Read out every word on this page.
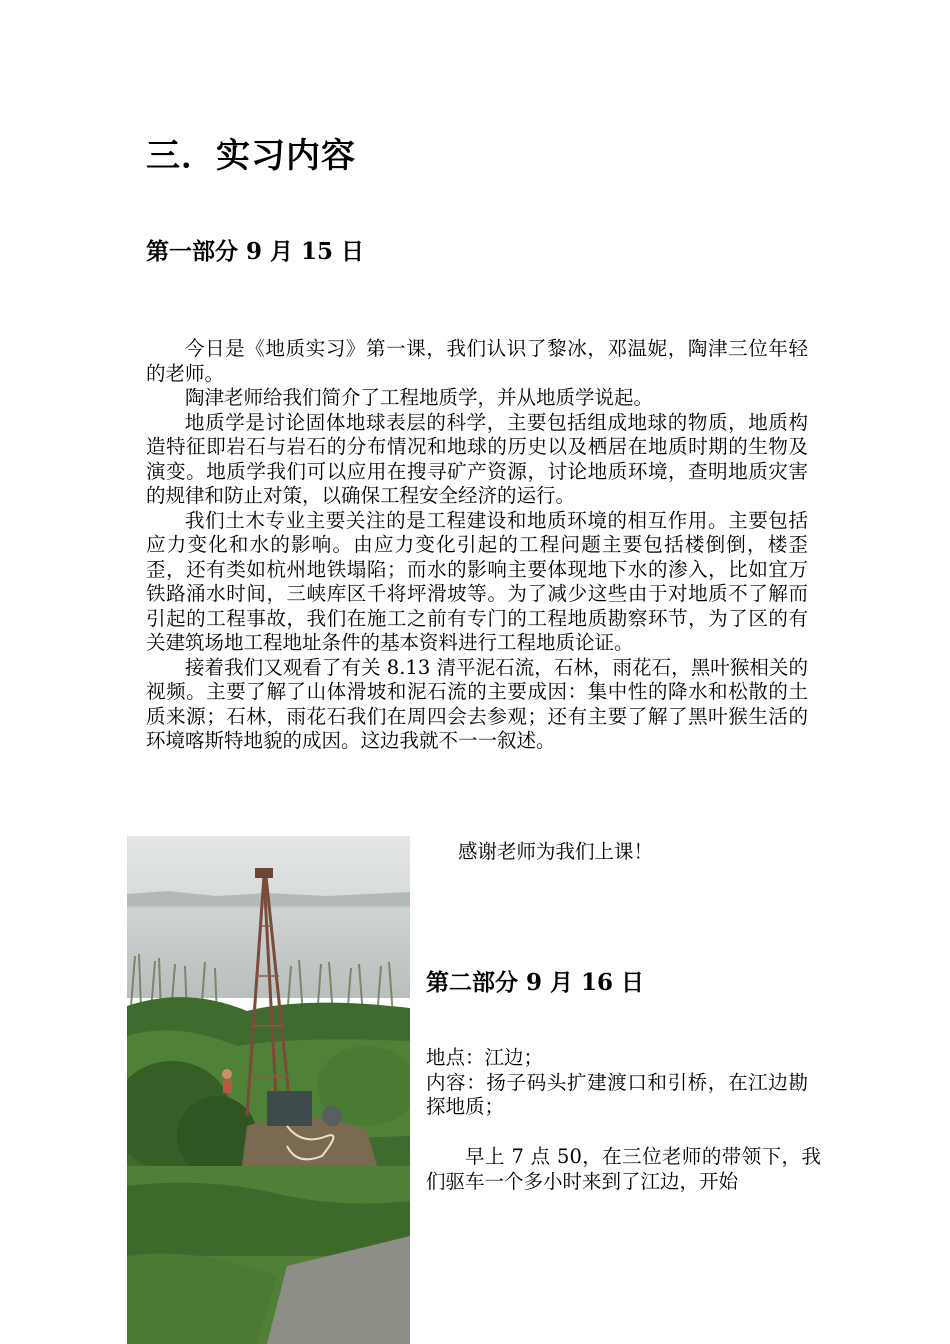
三．实习内容
第一部分 9 月 15 日

今日是《地质实习》第一课，我们认识了黎冰，邓温妮，陶津三位年轻的老师。

陶津老师给我们简介了工程地质学，并从地质学说起。

地质学是讨论固体地球表层的科学，主要包括组成地球的物质，地质构造特征即岩石与岩石的分布情况和地球的历史以及栖居在地质时期的生物及演变。地质学我们可以应用在搜寻矿产资源，讨论地质环境，查明地质灾害的规律和防止对策，以确保工程安全经济的运行。

我们土木专业主要关注的是工程建设和地质环境的相互作用。主要包括应力变化和水的影响。由应力变化引起的工程问题主要包括楼倒倒，楼歪歪，还有类如杭州地铁塌陷；而水的影响主要体现地下水的渗入，比如宜万铁路涌水时间，三峡库区千将坪滑坡等。为了减少这些由于对地质不了解而引起的工程事故，我们在施工之前有专门的工程地质勘察环节，为了区的有关建筑场地工程地址条件的基本资料进行工程地质论证。

接着我们又观看了有关 8.13 清平泥石流，石林，雨花石，黑叶猴相关的视频。主要了解了山体滑坡和泥石流的主要成因：集中性的降水和松散的土质来源；石林，雨花石我们在周四会去参观；还有主要了解了黑叶猴生活的环境喀斯特地貌的成因。这边我就不一一叙述。

感谢老师为我们上课！
第二部分 9 月 16 日

地点：江边；

内容：扬子码头扩建渡口和引桥，在江边勘探地质；

早上 7 点 50，在三位老师的带领下，我们驱车一个多小时来到了江边，开始
